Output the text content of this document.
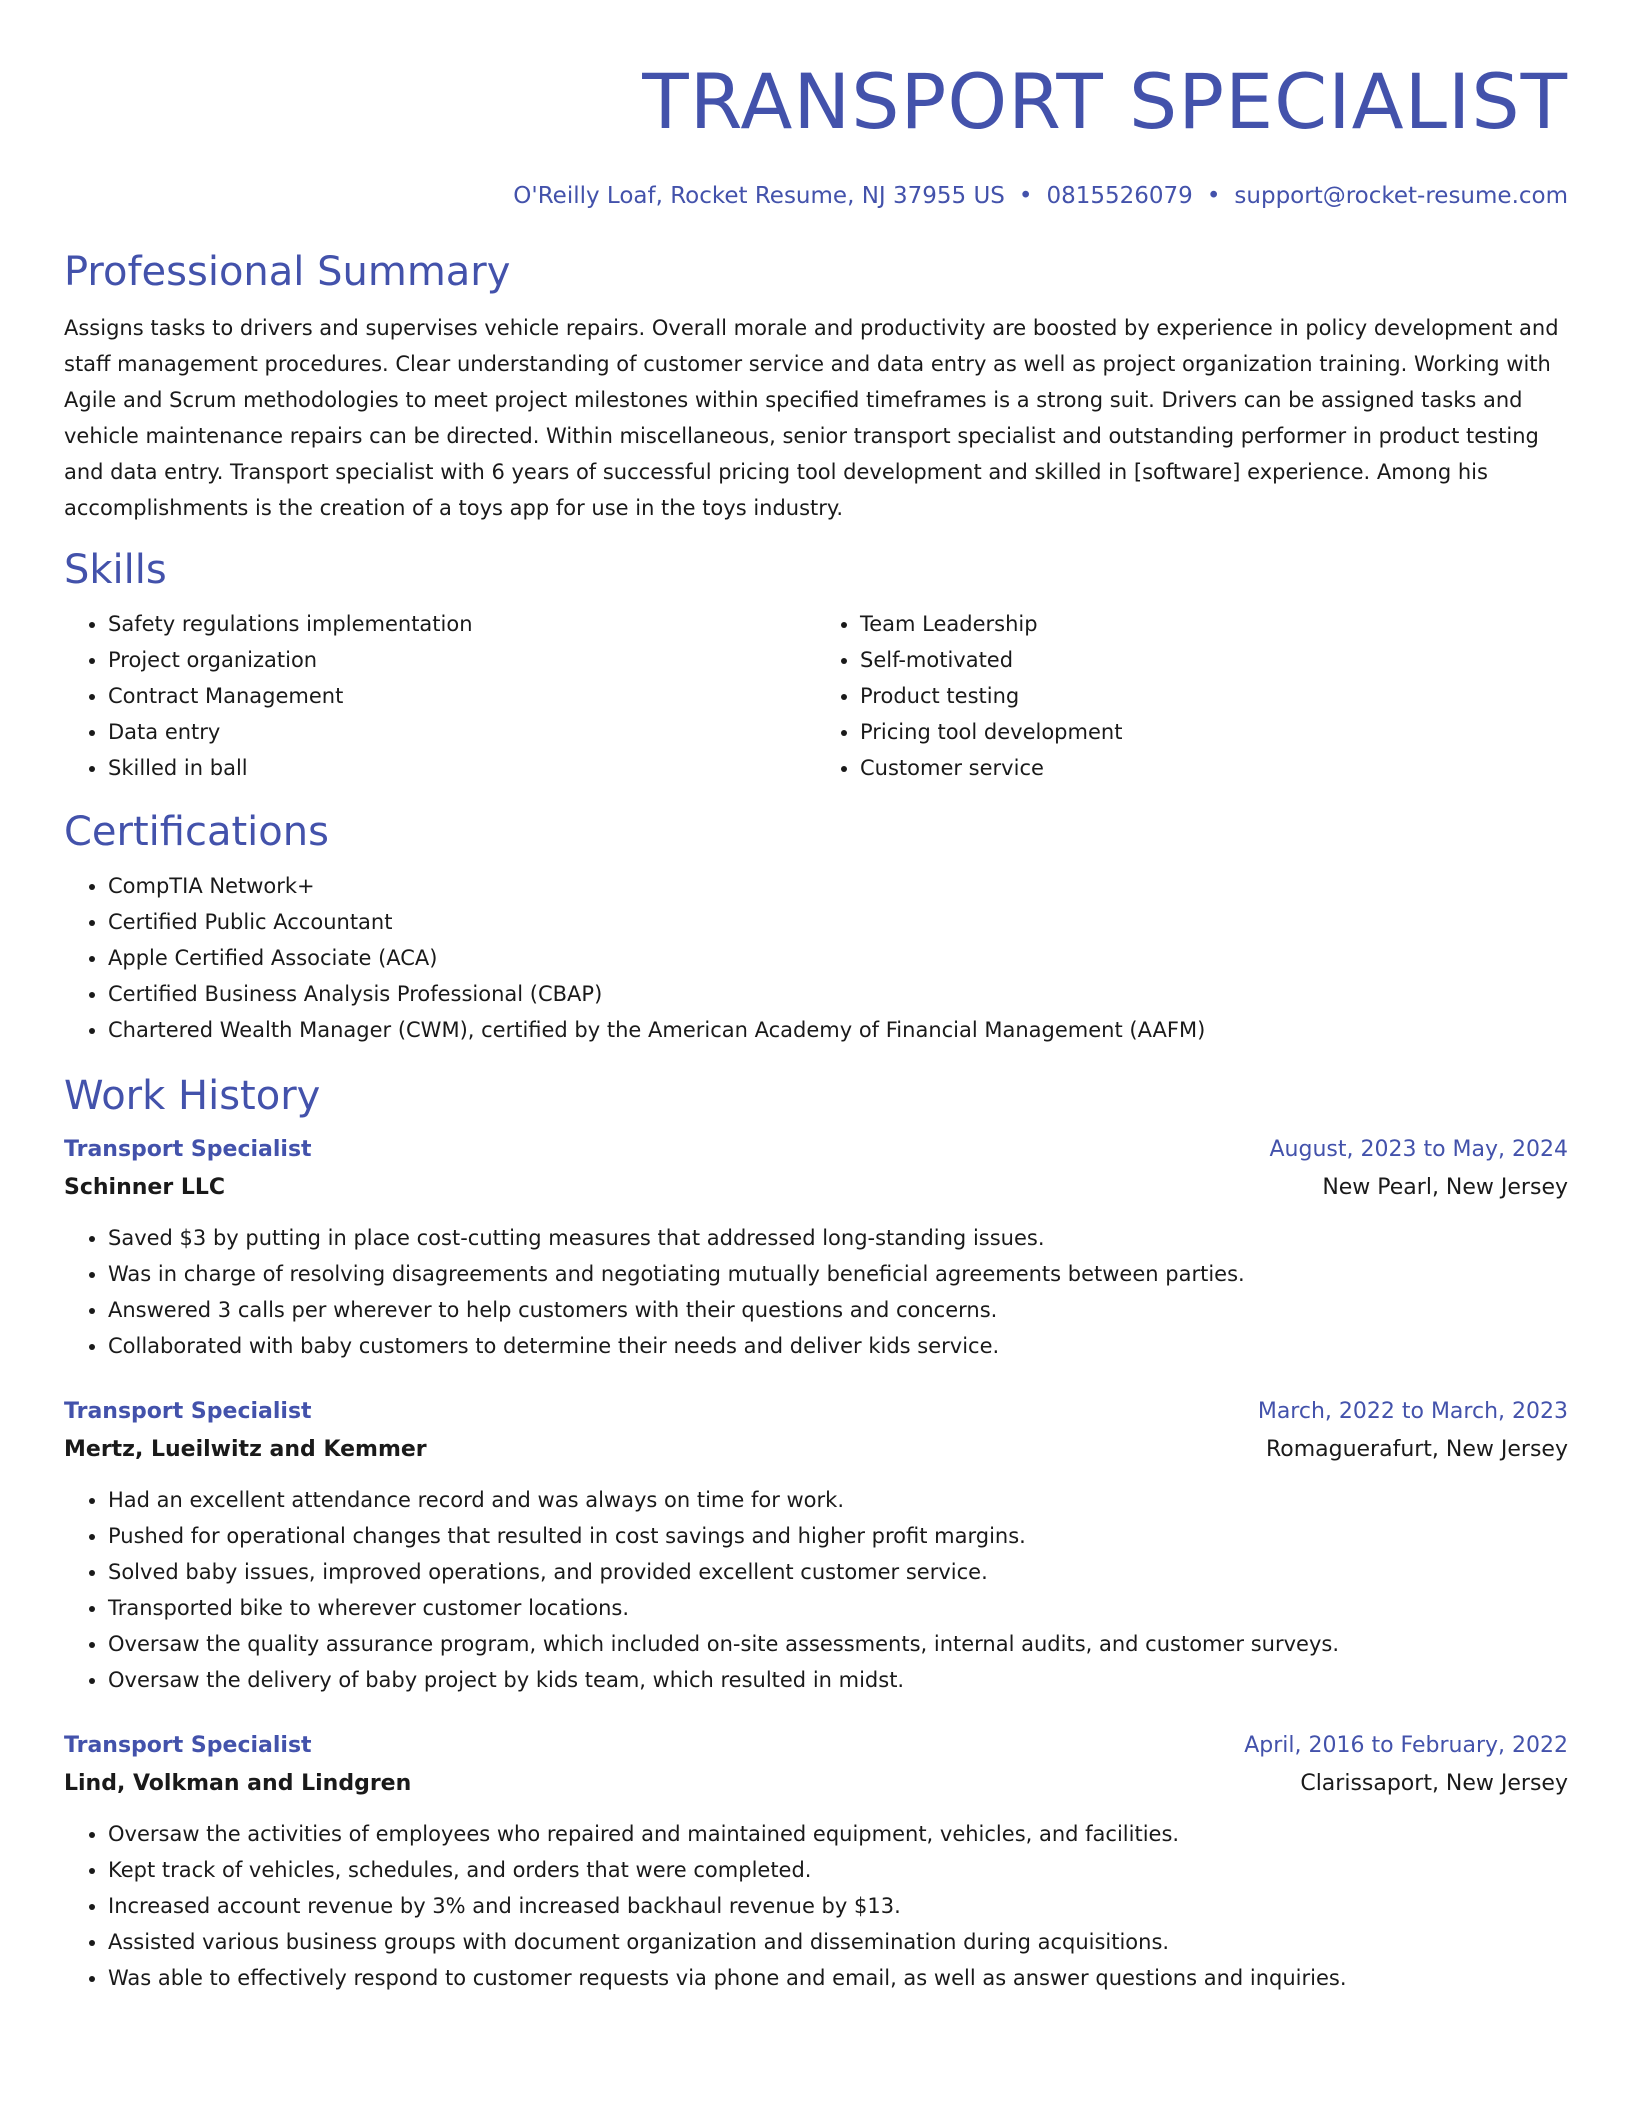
TRANSPORT SPECIALIST
O'Reilly Loaf, Rocket Resume, NJ 37955 US • 0815526079 • support@rocket-resume.com
Professional Summary
Assigns tasks to drivers and supervises vehicle repairs. Overall morale and productivity are boosted by experience in policy development and staff management procedures. Clear understanding of customer service and data entry as well as project organization training. Working with Agile and Scrum methodologies to meet project milestones within specified timeframes is a strong suit. Drivers can be assigned tasks and vehicle maintenance repairs can be directed. Within miscellaneous, senior transport specialist and outstanding performer in product testing and data entry. Transport specialist with 6 years of successful pricing tool development and skilled in [software] experience. Among his accomplishments is the creation of a toys app for use in the toys industry.
Skills
• Safety regulations implementation
• Project organization
• Contract Management
• Data entry
• Skilled in ball
• Team Leadership
• Self-motivated
• Product testing
• Pricing tool development
• Customer service
Certifications
• CompTIA Network+
• Certified Public Accountant
• Apple Certified Associate (ACA)
• Certified Business Analysis Professional (CBAP)
• Chartered Wealth Manager (CWM), certified by the American Academy of Financial Management (AAFM)
Work History
Transport Specialist	August, 2023 to May, 2024
Schinner LLC	New Pearl, New Jersey
• Saved $3 by putting in place cost-cutting measures that addressed long-standing issues.
• Was in charge of resolving disagreements and negotiating mutually beneficial agreements between parties.
• Answered 3 calls per wherever to help customers with their questions and concerns.
• Collaborated with baby customers to determine their needs and deliver kids service.
Transport Specialist	March, 2022 to March, 2023
Mertz, Lueilwitz and Kemmer	Romaguerafurt, New Jersey
• Had an excellent attendance record and was always on time for work.
• Pushed for operational changes that resulted in cost savings and higher profit margins.
• Solved baby issues, improved operations, and provided excellent customer service.
• Transported bike to wherever customer locations.
• Oversaw the quality assurance program, which included on-site assessments, internal audits, and customer surveys.
• Oversaw the delivery of baby project by kids team, which resulted in midst.
Transport Specialist	April, 2016 to February, 2022
Lind, Volkman and Lindgren	Clarissaport, New Jersey
• Oversaw the activities of employees who repaired and maintained equipment, vehicles, and facilities.
• Kept track of vehicles, schedules, and orders that were completed.
• Increased account revenue by 3% and increased backhaul revenue by $13.
• Assisted various business groups with document organization and dissemination during acquisitions.
• Was able to effectively respond to customer requests via phone and email, as well as answer questions and inquiries.
